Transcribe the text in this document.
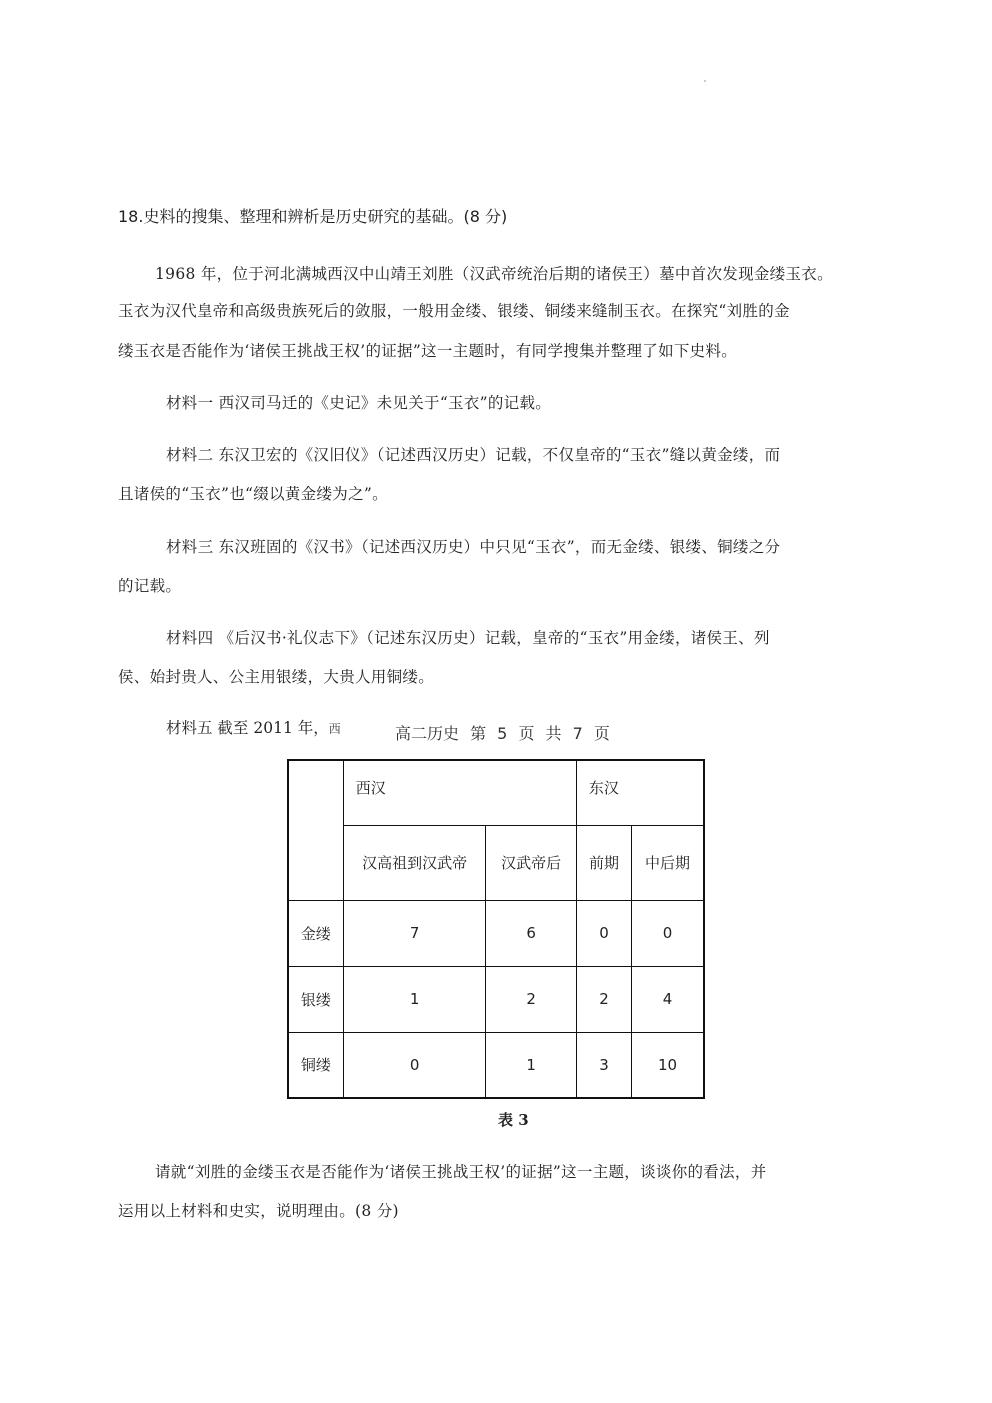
18.史料的搜集、整理和辨析是历史研究的基础。(8 分)
1968 年，位于河北满城西汉中山靖王刘胜（汉武帝统治后期的诸侯王）墓中首次发现金缕玉衣。
玉衣为汉代皇帝和高级贵族死后的敛服，一般用金缕、银缕、铜缕来缝制玉衣。在探究“刘胜的金
缕玉衣是否能作为‘诸侯王挑战王权’的证据”这一主题时，有同学搜集并整理了如下史料。
材料一 西汉司马迁的《史记》未见关于“玉衣”的记载。
材料二 东汉卫宏的《汉旧仪》（记述西汉历史）记载，不仅皇帝的“玉衣”缝以黄金缕，而
且诸侯的“玉衣”也“缀以黄金缕为之”。
材料三 东汉班固的《汉书》（记述西汉历史）中只见“玉衣”，而无金缕、银缕、铜缕之分
的记载。
材料四 《后汉书·礼仪志下》（记述东汉历史）记载，皇帝的“玉衣”用金缕，诸侯王、列
侯、始封贵人、公主用银缕，大贵人用铜缕。
材料五 截至 2011 年，西	高二历史 第 5 页 共 7 页
	西汉		东汉	
	汉高祖到汉武帝	汉武帝后	前期	中后期
金缕	7	6	0	0
银缕	1	2	2	4
铜缕	0	1	3	10
表 3
请就“刘胜的金缕玉衣是否能作为‘诸侯王挑战王权’的证据”这一主题，谈谈你的看法，并
运用以上材料和史实，说明理由。(8 分)
